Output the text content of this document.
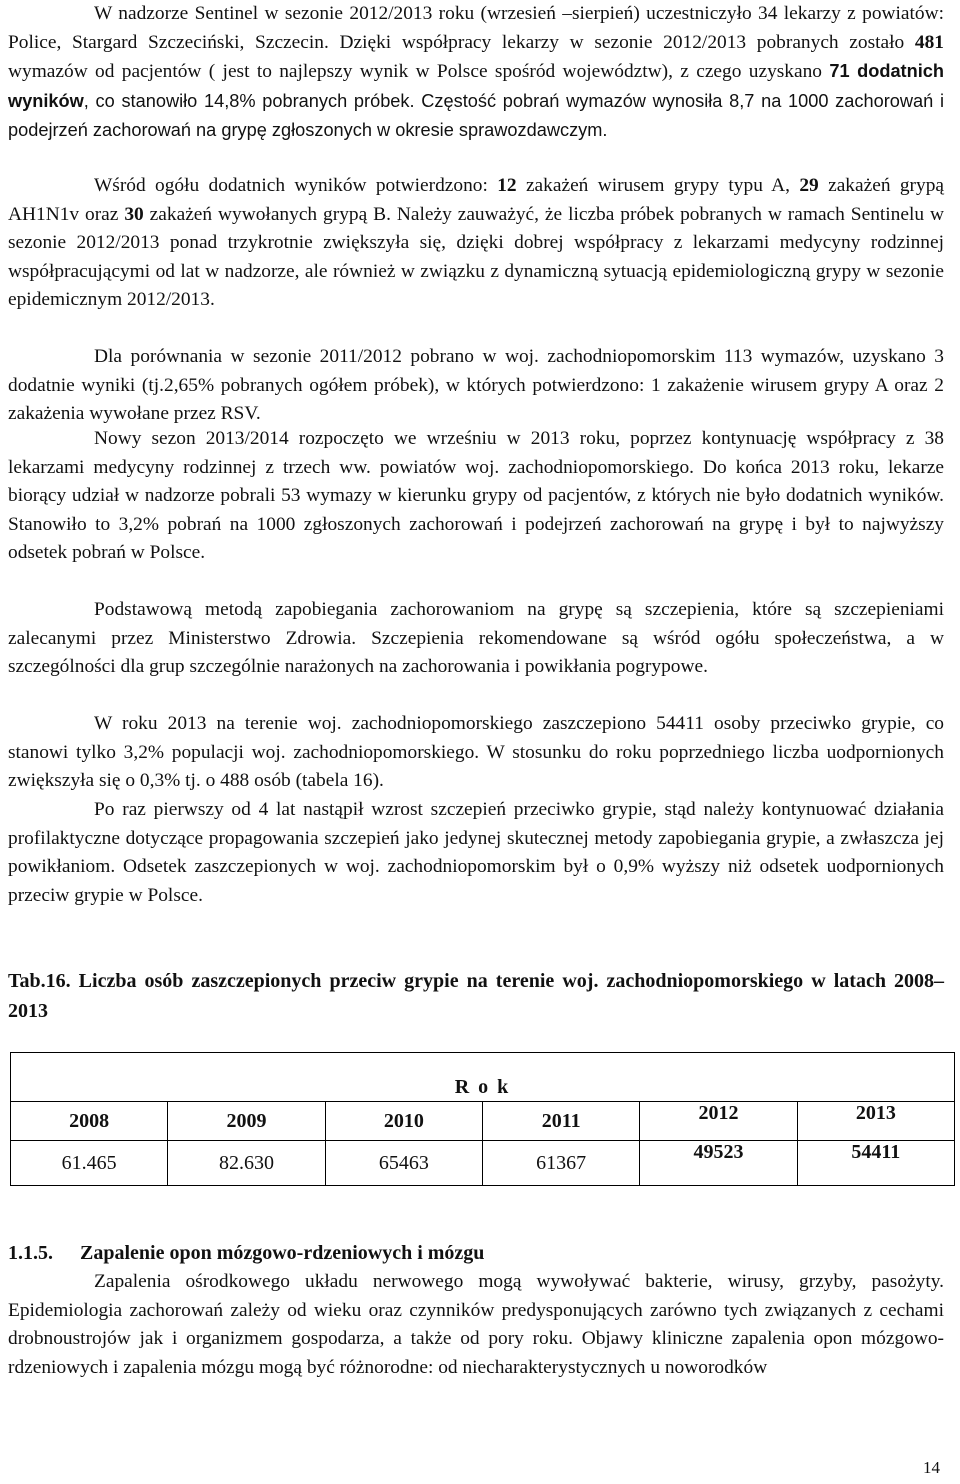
W nadzorze Sentinel w sezonie 2012/2013 roku (wrzesień –sierpień) uczestniczyło 34 lekarzy z powiatów: Police, Stargard Szczeciński, Szczecin. Dzięki współpracy lekarzy w sezonie 2012/2013 pobranych zostało 481 wymazów od pacjentów ( jest to najlepszy wynik w Polsce spośród województw), z czego uzyskano 71 dodatnich wyników, co stanowiło 14,8% pobranych próbek. Częstość pobrań wymazów wynosiła 8,7 na 1000 zachorowań i podejrzeń zachorowań na grypę zgłoszonych w okresie sprawozdawczym.

Wśród ogółu dodatnich wyników potwierdzono: 12 zakażeń wirusem grypy typu A, 29 zakażeń grypą AH1N1v oraz 30 zakażeń wywołanych grypą B. Należy zauważyć, że liczba próbek pobranych w ramach Sentinelu w sezonie 2012/2013 ponad trzykrotnie zwiększyła się, dzięki dobrej współpracy z lekarzami medycyny rodzinnej współpracującymi od lat w nadzorze, ale również w związku z dynamiczną sytuacją epidemiologiczną grypy w sezonie epidemicznym 2012/2013.

Dla porównania w sezonie 2011/2012 pobrano w woj. zachodniopomorskim 113 wymazów, uzyskano 3 dodatnie wyniki (tj.2,65% pobranych ogółem próbek), w których potwierdzono: 1 zakażenie wirusem grypy A oraz 2 zakażenia wywołane przez RSV.

Nowy sezon 2013/2014 rozpoczęto we wrześniu w 2013 roku, poprzez kontynuację współpracy z 38 lekarzami medycyny rodzinnej z trzech ww. powiatów woj. zachodniopomorskiego. Do końca 2013 roku, lekarze biorący udział w nadzorze pobrali 53 wymazy w kierunku grypy od pacjentów, z których nie było dodatnich wyników. Stanowiło to 3,2% pobrań na 1000 zgłoszonych zachorowań i podejrzeń zachorowań na grypę i był to najwyższy odsetek pobrań w Polsce.

Podstawową metodą zapobiegania zachorowaniom na grypę są szczepienia, które są szczepieniami zalecanymi przez Ministerstwo Zdrowia. Szczepienia rekomendowane są wśród ogółu społeczeństwa, a w szczególności dla grup szczególnie narażonych na zachorowania i powikłania pogrypowe.

W roku 2013 na terenie woj. zachodniopomorskiego zaszczepiono 54411 osoby przeciwko grypie, co stanowi tylko 3,2% populacji woj. zachodniopomorskiego. W stosunku do roku poprzedniego liczba uodpornionych zwiększyła się o 0,3% tj. o 488 osób (tabela 16).

Po raz pierwszy od 4 lat nastąpił wzrost szczepień przeciwko grypie, stąd należy kontynuować działania profilaktyczne dotyczące propagowania szczepień jako jedynej skutecznej metody zapobiegania grypie, a zwłaszcza jej powikłaniom. Odsetek zaszczepionych w woj. zachodniopomorskim był o 0,9% wyższy niż odsetek uodpornionych przeciw grypie w Polsce.

Tab.16. Liczba osób zaszczepionych przeciw grypie na terenie woj. zachodniopomorskiego w latach 2008–2013

R o k					
2008	2009	2010	2011	2012	2013
61.465	82.630	65463	61367	49523	54411

1.1.5. Zapalenie opon mózgowo-rdzeniowych i mózgu

Zapalenia ośrodkowego układu nerwowego mogą wywoływać bakterie, wirusy, grzyby, pasożyty. Epidemiologia zachorowań zależy od wieku oraz czynników predysponujących zarówno tych związanych z cechami drobnoustrojów jak i organizmem gospodarza, a także od pory roku. Objawy kliniczne zapalenia opon mózgowo- rdzeniowych i zapalenia mózgu mogą być różnorodne: od niecharakterystycznych u noworodków

14
